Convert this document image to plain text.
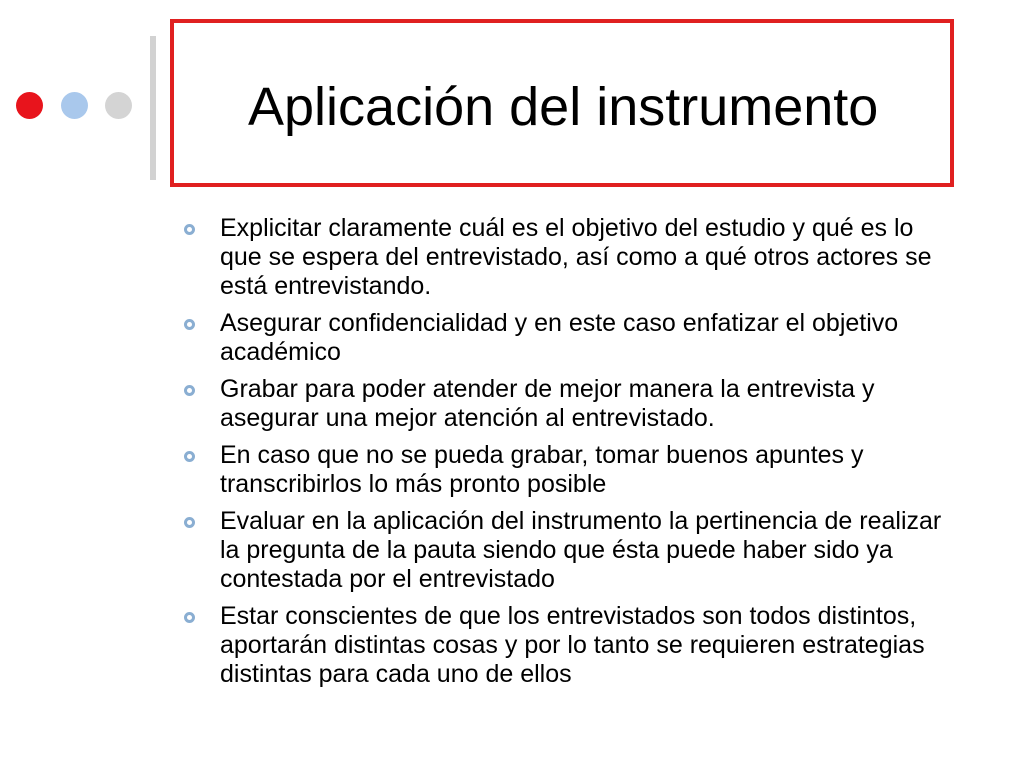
Aplicación del instrumento
Explicitar claramente cuál es el objetivo del estudio y qué es lo que se espera del entrevistado, así como a qué otros actores se está entrevistando.
Asegurar confidencialidad y en este caso enfatizar el objetivo académico
Grabar para poder atender de mejor manera la entrevista y asegurar una mejor atención al entrevistado.
En caso que no se pueda grabar, tomar buenos apuntes y transcribirlos lo más pronto posible
Evaluar en la aplicación del instrumento la pertinencia de realizar la pregunta de la pauta siendo que ésta puede haber sido ya contestada por el entrevistado
Estar conscientes de que los entrevistados son todos distintos, aportarán distintas cosas y por lo tanto se requieren estrategias distintas para cada uno de ellos
